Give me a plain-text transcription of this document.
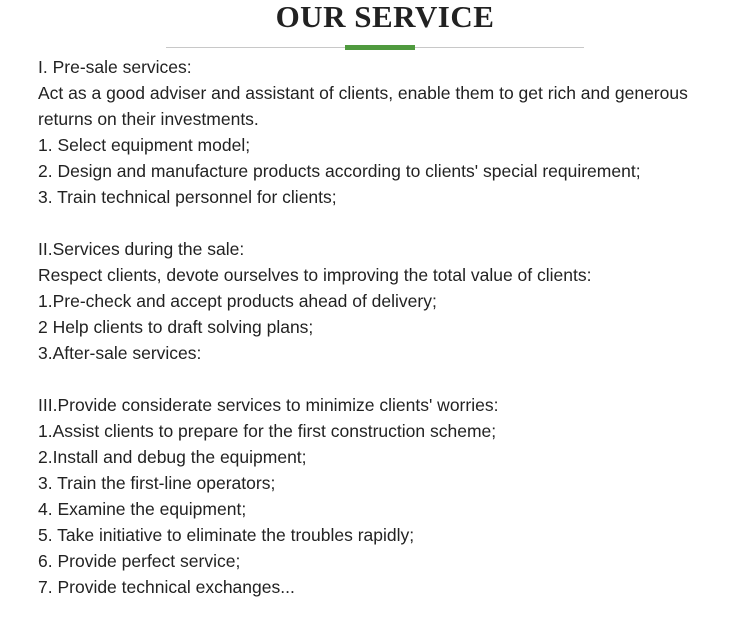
OUR SERVICE

I. Pre-sale services:

Act as a good adviser and assistant of clients, enable them to get rich and generous returns on their investments.

1. Select equipment model;

2. Design and manufacture products according to clients' special requirement;

3. Train technical personnel for clients;

II.Services during the sale:

Respect clients, devote ourselves to improving the total value of clients:

1.Pre-check and accept products ahead of delivery;

2 Help clients to draft solving plans;

3.After-sale services:

III.Provide considerate services to minimize clients' worries:

1.Assist clients to prepare for the first construction scheme;

2.Install and debug the equipment;

3. Train the first-line operators;

4. Examine the equipment;

5. Take initiative to eliminate the troubles rapidly;

6. Provide perfect service;

7. Provide technical exchanges...
